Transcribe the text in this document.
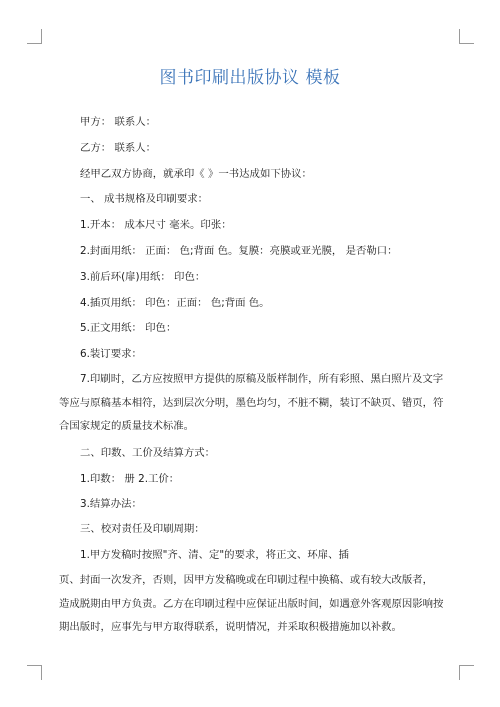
图书印刷出版协议 模板
甲方： 联系人：
乙方： 联系人：
经甲乙双方协商，就承印《 》一书达成如下协议：
一、 成书规格及印刷要求：
1.开本： 成本尺寸 毫米。印张：
2.封面用纸： 正面： 色;背面 色。复膜：亮膜或亚光膜， 是否勒口：
3.前后环(扉)用纸： 印色：
4.插页用纸： 印色：正面： 色;背面 色。
5.正文用纸： 印色：
6.装订要求：
7.印刷时，乙方应按照甲方提供的原稿及版样制作，所有彩照、黑白照片及文字
等应与原稿基本相符，达到层次分明，墨色均匀，不脏不糊，装订不缺页、错页，符
合国家规定的质量技术标准。
二、印数、工价及结算方式：
1.印数： 册 2.工价：
3.结算办法：
三、校对责任及印刷周期：
1.甲方发稿时按照"齐、清、定"的要求，将正文、环扉、插
页、封面一次发齐，否则，因甲方发稿晚或在印刷过程中换稿、或有较大改版者，
造成脱期由甲方负责。乙方在印刷过程中应保证出版时间，如遇意外客观原因影响按
期出版时，应事先与甲方取得联系，说明情况，并采取积极措施加以补救。
